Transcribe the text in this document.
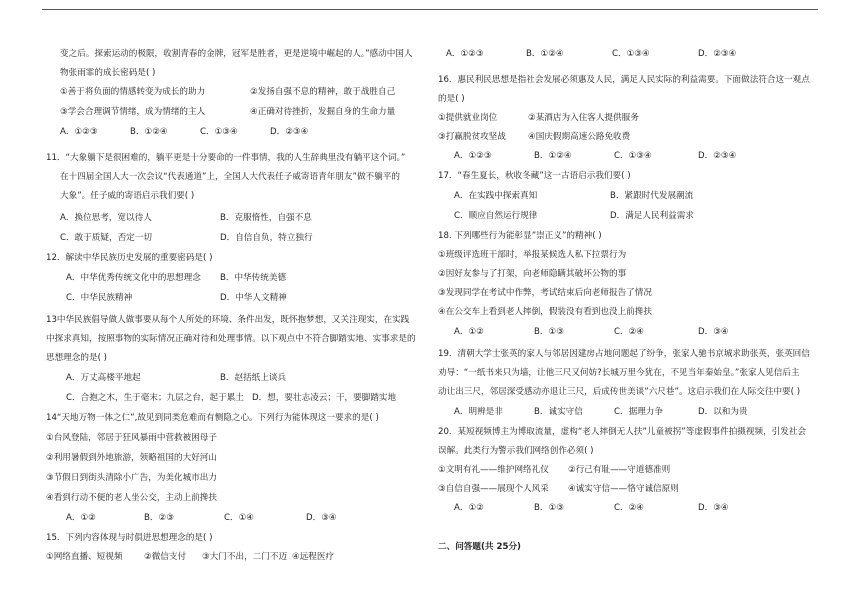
变之后。探索运动的极限，收割青春的金牌，冠军是胜者，更是逆境中崛起的人。”感动中国人
物张雨霏的成长密码是( )
①善于将负面的情感转变为成长的助力	②发扬自强不息的精神，敢于战胜自己
③学会合理调节情绪，成为情绪的主人	④正确对待挫折，发掘自身的生命力量
A．①②③	B．①②④	C．①③④	D．②③④
11．“大象躺下是很困难的，躺平更是十分要命的一件事情，我的人生辞典里没有躺平这个词。”
在十四届全国人大一次会议“代表通道”上，全国人大代表任子威寄语青年朋友”做不躺平的
大象”。任子威的寄语启示我们要( )
A．换位思考，宽以待人	B．克服惰性，自强不息
C．敢于质疑，否定一切	D．自信自负，特立独行
12．解读中华民族历史发展的重要密码是( )
A．中华优秀传统文化中的思想理念 B．中华传统美德
C．中华民族精神	D．中华人文精神
13中华民族倡导做人做事要从每个人所处的环境、条件出发，既怀抱梦想，又关注现实，在实践
中探求真知，按照事物的实际情况正确对待和处理事情。以下观点中不符合脚踏实地、实事求是的
思想理念的是( )
A．万丈高楼平地起	B．赵括纸上谈兵
C．合抱之木，生于毫末；九层之台，起于累土 D．想，要壮志凌云；干，要脚踏实地
14“天地万物一体之仁”,故见到同类危难而有恻隐之心。下列行为能体现这一要求的是( )
①台风登陆，邻居于狂风暴雨中营救被困母子
②利用暑假到外地旅游，领略祖国的大好河山
③节假日到街头清除小广告，为美化城市出力
④看到行动不便的老人坐公交，主动上前搀扶
A．①②	B．②③	C．①④	D．③④
15．下列内容体现与时俱进思想理念的是( )
①网络直播、短视频	②微信支付 ③大门不出，二门不迈 ④远程医疗
A．①②③	B．①②④	C．①③④	D．②③④
16．惠民利民思想是指社会发展必须惠及人民，满足人民实际的利益需要。下面做法符合这一观点
的是( )
①提供就业岗位	②某酒店为入住客人提供服务
③打赢脱贫攻坚战	④国庆假期高速公路免收费
A．①②③	B．①②④	C．①③④	D．②③④
17．“春生夏长，秋收冬藏”这一古语启示我们要( )
A．在实践中探索真知	B．紧跟时代发展潮流
C．顺应自然运行规律	D．满足人民利益需求
18. 下列哪些行为能彰显”崇正义”的精神( )
①班级评选班干部时，举报某候选人私下拉票行为
②因好友参与了打架，向老师隐瞒其破坏公物的事
③发现同学在考试中作弊，考试结束后向老师报告了情况
④在公交车上看到老人摔倒，假装没有看到也没上前搀扶
A．①②	B．①③	C．②④	D．③④
19．清朝大学士张英的家人与邻居因建房占地问题起了纷争，张家人驰书京城求助张英，张英回信
劝导：“一纸书来只为墙，让他三尺又何妨?长城万里今犹在，不见当年秦始皇。”张家人见信后主
动让出三尺，邻居深受感动亦退让三尺，后成传世美谈”六尺巷”。这启示我们在人际交往中要( )
A．明辨是非	B．诚实守信	C．据理力争	D．以和为贵
20．某短视频博主为博取流量，虚构“老人摔倒无人扶”儿童被拐”等虚假事件拍摄视频，引发社会
误解。此类行为警示我们网络创作必须( )
①文明有礼——维护网络礼仪 ②行己有耻——守道德准则
③自信自强——展现个人风采 ④诚实守信——恪守诚信原则
A．①②	B．①③	C．②④	D．③④
二、问答题(共 25分)
